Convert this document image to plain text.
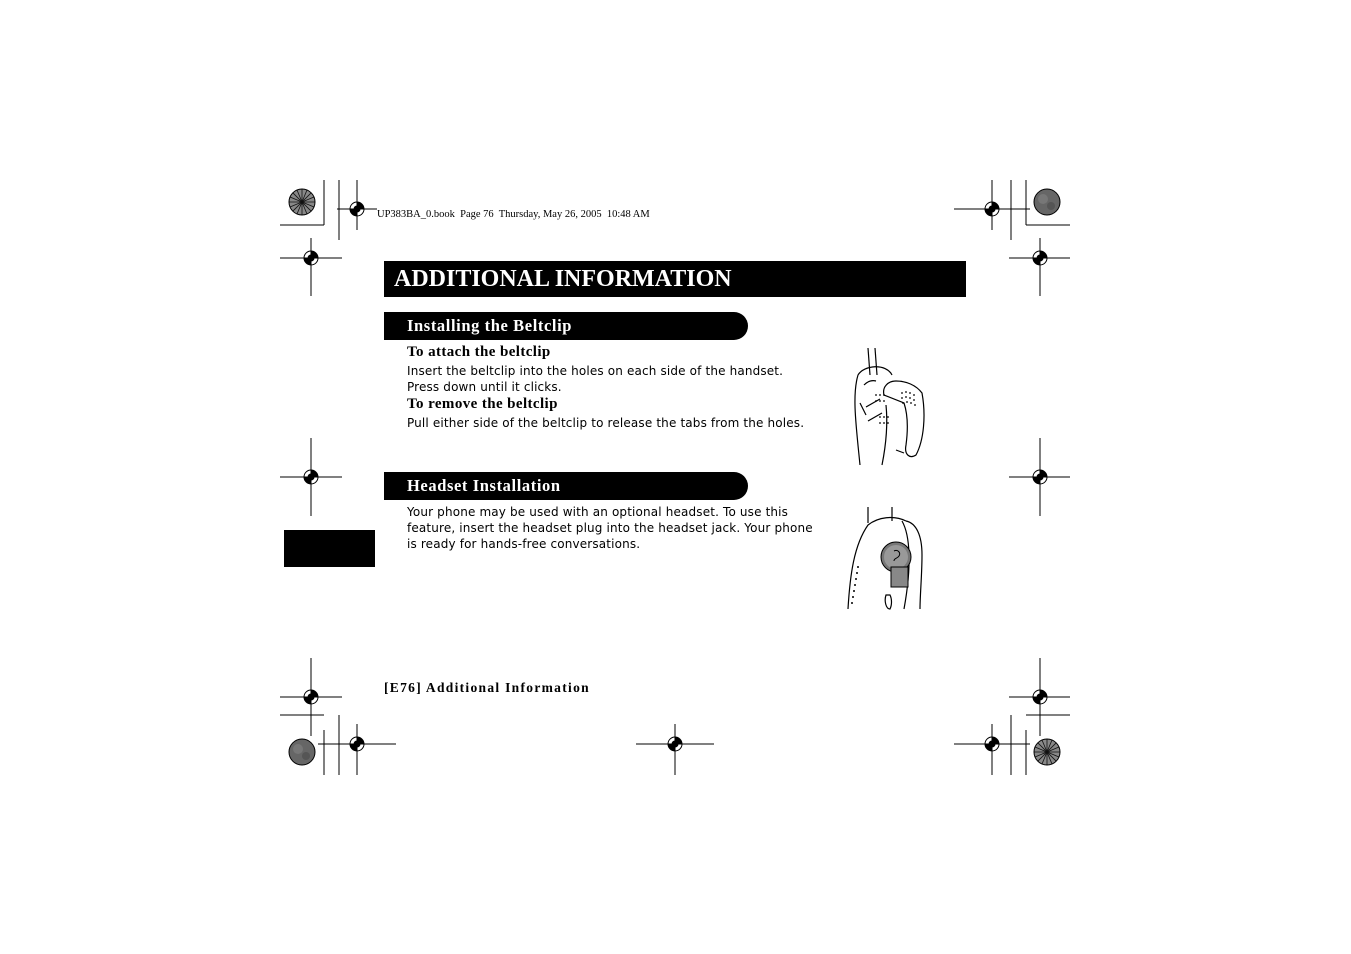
UP383BA_0.book  Page 76  Thursday, May 26, 2005  10:48 AM
ADDITIONAL INFORMATION
Installing the Beltclip
To attach the beltclip
Insert the beltclip into the holes on each side of the handset.
Press down until it clicks.
To remove the beltclip
Pull either side of the beltclip to release the tabs from the holes.
Headset Installation
Your phone may be used with an optional headset. To use this
feature, insert the headset plug into the headset jack. Your phone
is ready for hands-free conversations.
[E76] Additional Information
